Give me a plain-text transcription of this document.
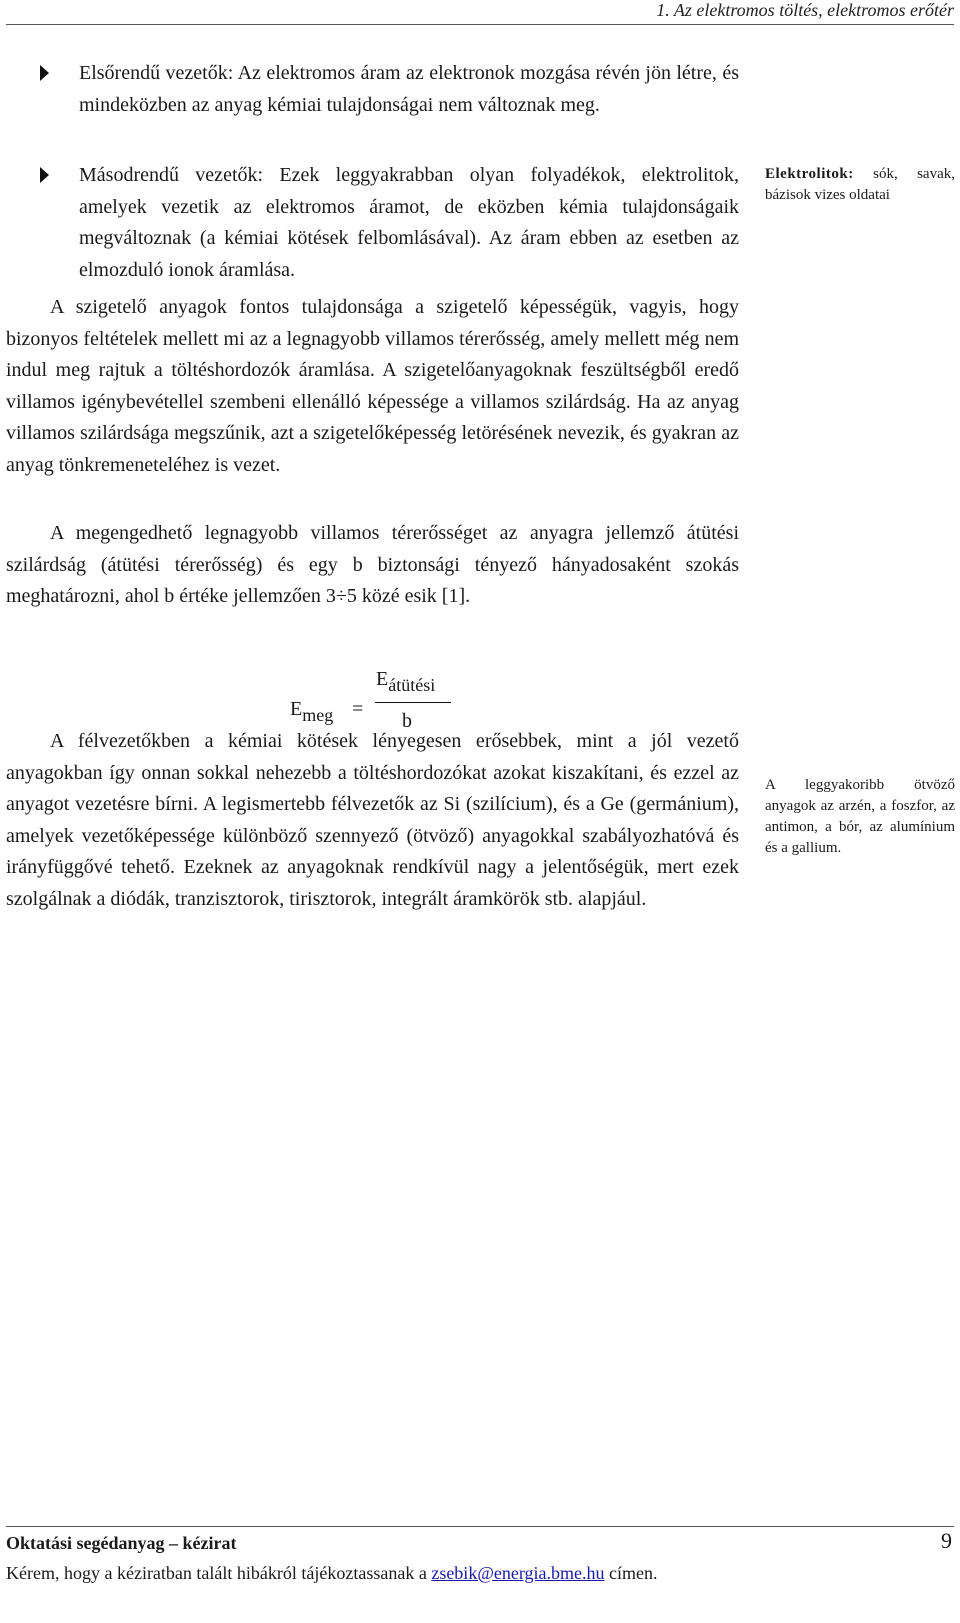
1. Az elektromos töltés, elektromos erőtér
Elsőrendű vezetők: Az elektromos áram az elektronok mozgása révén jön létre, és mindeközben az anyag kémiai tulajdonságai nem változnak meg.
Másodrendű vezetők: Ezek leggyakrabban olyan folyadékok, elektrolitok, amelyek vezetik az elektromos áramot, de eközben kémia tulajdonságaik megváltoznak (a kémiai kötések felbomlásával). Az áram ebben az esetben az elmozduló ionok áramlása.
Elektrolitok: sók, savak, bázisok vizes oldatai
A szigetelő anyagok fontos tulajdonsága a szigetelő képességük, vagyis, hogy bizonyos feltételek mellett mi az a legnagyobb villamos térerősség, amely mellett még nem indul meg rajtuk a töltéshordozók áramlása. A szigetelőanyagoknak feszültségből eredő villamos igénybevétellel szembeni ellenálló képessége a villamos szilárdság. Ha az anyag villamos szilárdsága megszűnik, azt a szigetelőképesség letörésének nevezik, és gyakran az anyag tönkremeneteléhez is vezet.
A megengedhető legnagyobb villamos térerősséget az anyagra jellemző átütési szilárdság (átütési térerősség) és egy b biztonsági tényező hányadosaként szokás meghatározni, ahol b értéke jellemzően 3÷5 közé esik [1].
$E_{meg}$ =
$E_{átütési}$
b
A félvezetőkben a kémiai kötések lényegesen erősebbek, mint a jól vezető anyagokban így onnan sokkal nehezebb a töltéshordozókat azokat kiszakítani, és ezzel az anyagot vezetésre bírni. A legismertebb félvezetők az Si (szilícium), és a Ge (germánium), amelyek vezetőképessége különböző szennyező (ötvöző) anyagokkal szabályozhatóvá és irányfüggővé tehető. Ezeknek az anyagoknak rendkívül nagy a jelentőségük, mert ezek szolgálnak a diódák, tranzisztorok, tirisztorok, integrált áramkörök stb. alapjául.
A leggyakoribb ötvöző anyagok az arzén, a foszfor, az antimon, a bór, az alumínium és a gallium.
Oktatási segédanyag – kézirat	9
Kérem, hogy a kéziratban talált hibákról tájékoztassanak a zsebik@energia.bme.hu címen.
